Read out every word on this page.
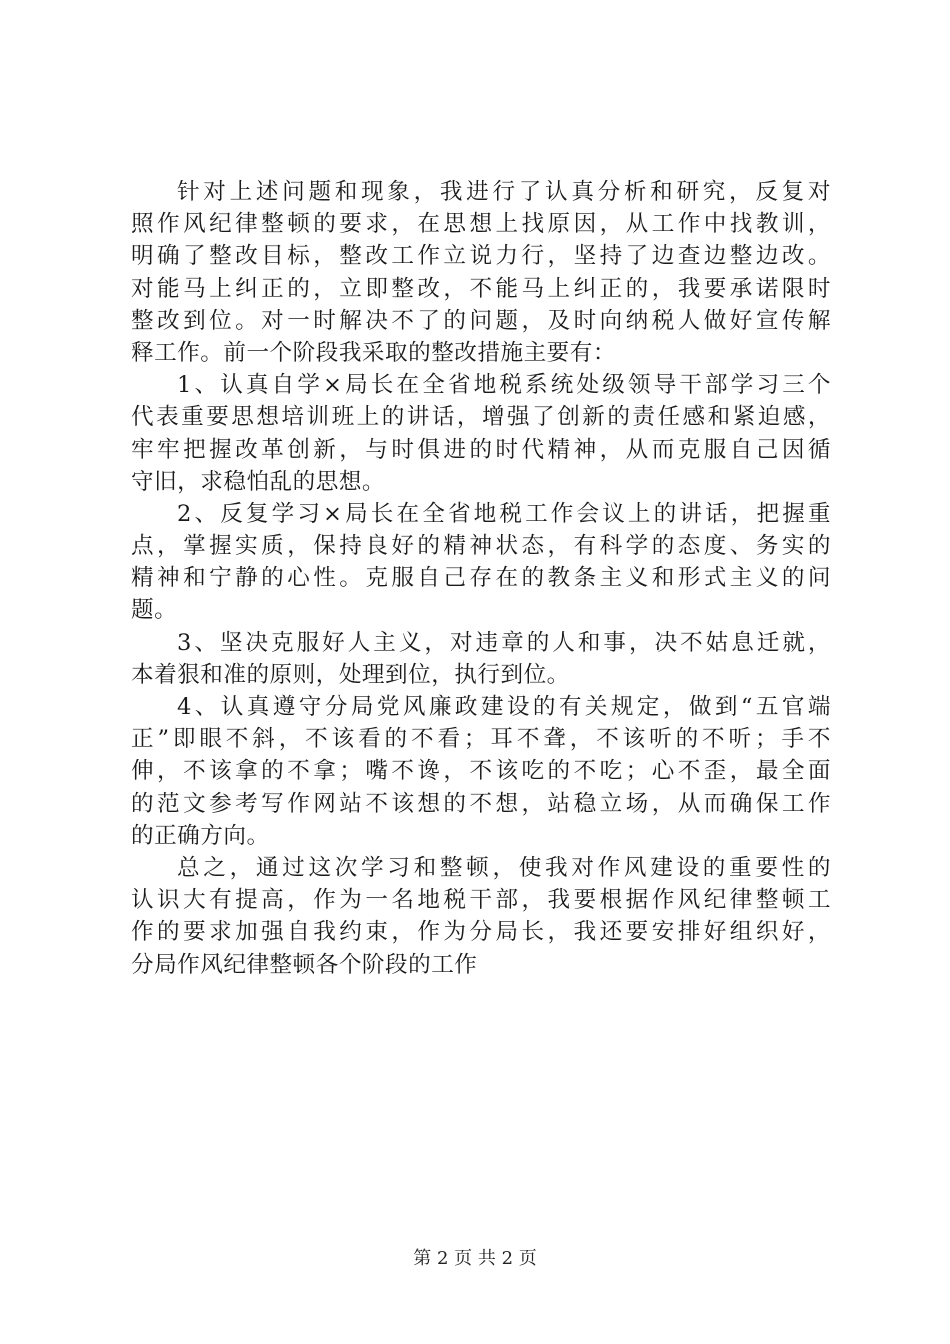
针对上述问题和现象，我进行了认真分析和研究，反复对
照作风纪律整顿的要求，在思想上找原因，从工作中找教训，
明确了整改目标，整改工作立说力行，坚持了边查边整边改。
对能马上纠正的，立即整改，不能马上纠正的，我要承诺限时
整改到位。对一时解决不了的问题，及时向纳税人做好宣传解
释工作。前一个阶段我采取的整改措施主要有：
1、认真自学×局长在全省地税系统处级领导干部学习三个
代表重要思想培训班上的讲话，增强了创新的责任感和紧迫感，
牢牢把握改革创新，与时俱进的时代精神，从而克服自己因循
守旧，求稳怕乱的思想。
2、反复学习×局长在全省地税工作会议上的讲话，把握重
点，掌握实质，保持良好的精神状态，有科学的态度、务实的
精神和宁静的心性。克服自己存在的教条主义和形式主义的问
题。
3、坚决克服好人主义，对违章的人和事，决不姑息迁就，
本着狠和准的原则，处理到位，执行到位。
4、认真遵守分局党风廉政建设的有关规定，做到“五官端
正”即眼不斜，不该看的不看；耳不聋，不该听的不听；手不
伸，不该拿的不拿；嘴不谗，不该吃的不吃；心不歪，最全面
的范文参考写作网站不该想的不想，站稳立场，从而确保工作
的正确方向。
总之，通过这次学习和整顿，使我对作风建设的重要性的
认识大有提高，作为一名地税干部，我要根据作风纪律整顿工
作的要求加强自我约束，作为分局长，我还要安排好组织好，
分局作风纪律整顿各个阶段的工作
第 2 页 共 2 页
